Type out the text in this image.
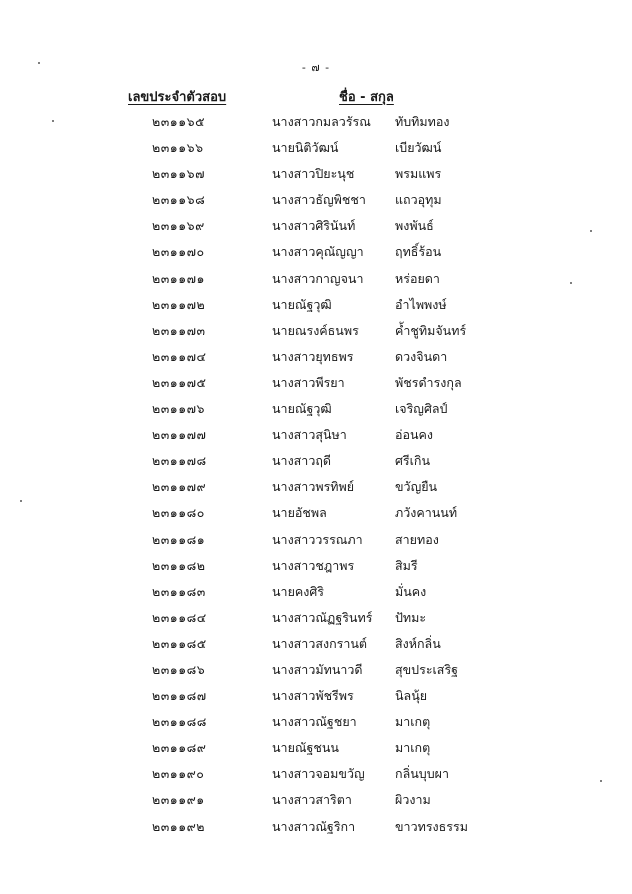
- ๗ -
เลขประจำตัวสอบ	ชื่อ - สกุล
๒๓๑๑๖๕	นางสาวกมลวรัรณ ทับทิมทอง
๒๓๑๑๖๖	นายนิติวัฒน์	เบียวัฒน์
๒๓๑๑๖๗	นางสาวปิยะนุช	พรมแพร
๒๓๑๑๖๘	นางสาวธัญพิชชา แถวอุทุม
๒๓๑๑๖๙	นางสาวศิรินันท์	พงพันธ์
๒๓๑๑๗๐	นางสาวคุณัญญา	ฤทธิ์ร้อน
๒๓๑๑๗๑	นางสาวกาญจนา	หร่อยดา
๒๓๑๑๗๒	นายณัฐวุฒิ	อำไพพงษ์
๒๓๑๑๗๓	นายณรงค์ธนพร	ค้ำชูทิมจันทร์
๒๓๑๑๗๔	นางสาวยุทธพร	ดวงจินดา
๒๓๑๑๗๕	นางสาวพีรยา	พัชรดำรงกุล
๒๓๑๑๗๖	นายณัฐวุฒิ	เจริญศิลป์
๒๓๑๑๗๗	นางสาวสุนิษา	อ่อนคง
๒๓๑๑๗๘	นางสาวฤดี	ศรีเกิน
๒๓๑๑๗๙	นางสาวพรทิพย์	ขวัญยืน
๒๓๑๑๘๐	นายอัชพล	ภวังคานนท์
๒๓๑๑๘๑	นางสาววรรณภา	สายทอง
๒๓๑๑๘๒	นางสาวชฎาพร	สิมรี
๒๓๑๑๘๓	นายคงศิริ	มั่นคง
๒๓๑๑๘๔	นางสาวณัฏฐรินทร์ ปัทมะ
๒๓๑๑๘๕	นางสาวสงกรานต์ สิงห์กลิ่น
๒๓๑๑๘๖	นางสาวมัทนาวดี	สุขประเสริฐ
๒๓๑๑๘๗	นางสาวพัชรีพร	นิลนุ้ย
๒๓๑๑๘๘	นางสาวณัฐชยา	มาเกตุ
๒๓๑๑๘๙	นายณัฐชนน	มาเกตุ
๒๓๑๑๙๐	นางสาวจอมขวัญ กลิ่นบุบผา
๒๓๑๑๙๑	นางสาวสาริตา	ผิวงาม
๒๓๑๑๙๒	นางสาวณัฐริกา	ขาวทรงธรรม
